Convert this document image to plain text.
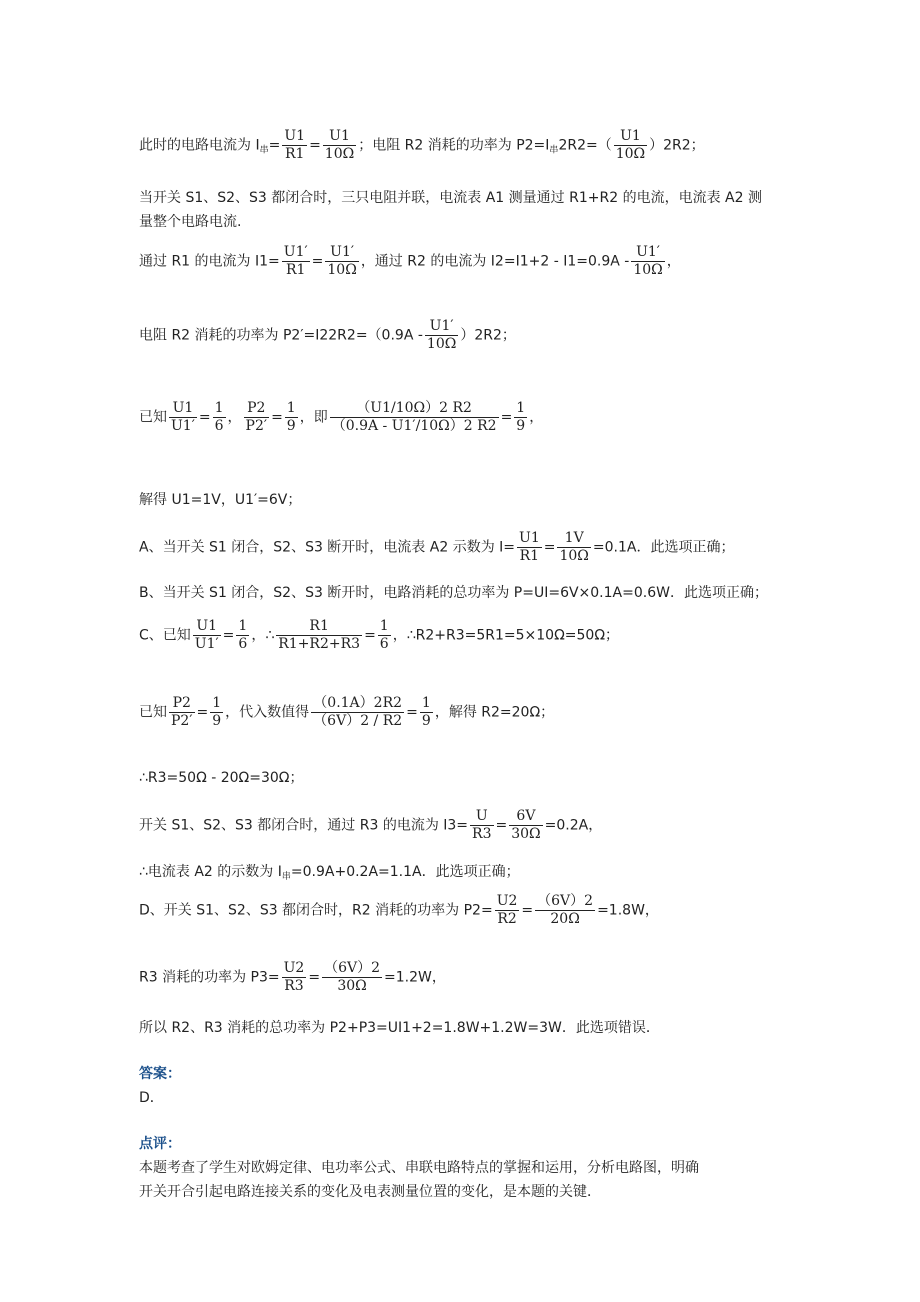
此时的电路电流为 $I_串= \frac{U1}{R1} = \frac{U1}{10\Omega}$ ；电阻 R2 消耗的功率为 $P2=I_串2R2=( \frac{U1}{10\Omega} )2R2$；
当开关 S1、S2、S3 都闭合时，三只电阻并联，电流表 A1 测量通过 R1+R2 的电流，电流表 A2 测
量整个电路电流.
通过 R1 的电流为 $I1= \frac{U1'}{R1} = \frac{U1'}{10\Omega}$ ，通过 R2 的电流为 $I2=I1+2 - I1=0.9A - \frac{U1'}{10\Omega}$ ，
电阻 R2 消耗的功率为 $P2'=I22R2=(0.9A - \frac{U1'}{10\Omega} )2R2$；
已知 $\frac{U1}{U1'} = \frac{1}{6}$ ， $\frac{P2}{P2'} = \frac{1}{9}$ ，即 $\frac{(U1/10\Omega)2 R2}{(0.9A - U1'/10\Omega)2 R2} = \frac{1}{9}$ ，
解得 U1=1V，U1′=6V；
A、当开关 S1 闭合，S2、S3 断开时，电流表 A2 示数为 $I= \frac{U1}{R1} = \frac{1V}{10\Omega} =0.1A$．此选项正确；
B、当开关 S1 闭合，S2、S3 断开时，电路消耗的总功率为 P=UI=6V×0.1A=0.6W．此选项正确；
C、已知 $\frac{U1}{U1'} = \frac{1}{6}$ ，∴ $\frac{R1}{R1+R2+R3} = \frac{1}{6}$ ，∴R2+R3=5R1=5×10Ω=50Ω；
已知 $\frac{P2}{P2'} = \frac{1}{9}$ ，代入数值得 $\frac{(0.1A)2R2}{(6V)2 / R2} = \frac{1}{9}$ ，解得 R2=20Ω；
∴R3=50Ω - 20Ω=30Ω；
开关 S1、S2、S3 都闭合时，通过 R3 的电流为 $I3= \frac{U}{R3} = \frac{6V}{30\Omega} =0.2A$，
∴电流表 A2 的示数为 $I_串=0.9A+0.2A=1.1A$．此选项正确；
D、开关 S1、S2、S3 都闭合时，R2 消耗的功率为 $P2= \frac{U2}{R2} = \frac{(6V)2}{20\Omega} =1.8W$，
R3 消耗的功率为 $P3= \frac{U2}{R3} = \frac{(6V)2}{30\Omega} =1.2W$，
所以 R2、R3 消耗的总功率为 P2+P3=UI1+2=1.8W+1.2W=3W．此选项错误．
答案：
D．
点评：
本题考查了学生对欧姆定律、电功率公式、串联电路特点的掌握和运用，分析电路图，明确
开关开合引起电路连接关系的变化及电表测量位置的变化，是本题的关键．
